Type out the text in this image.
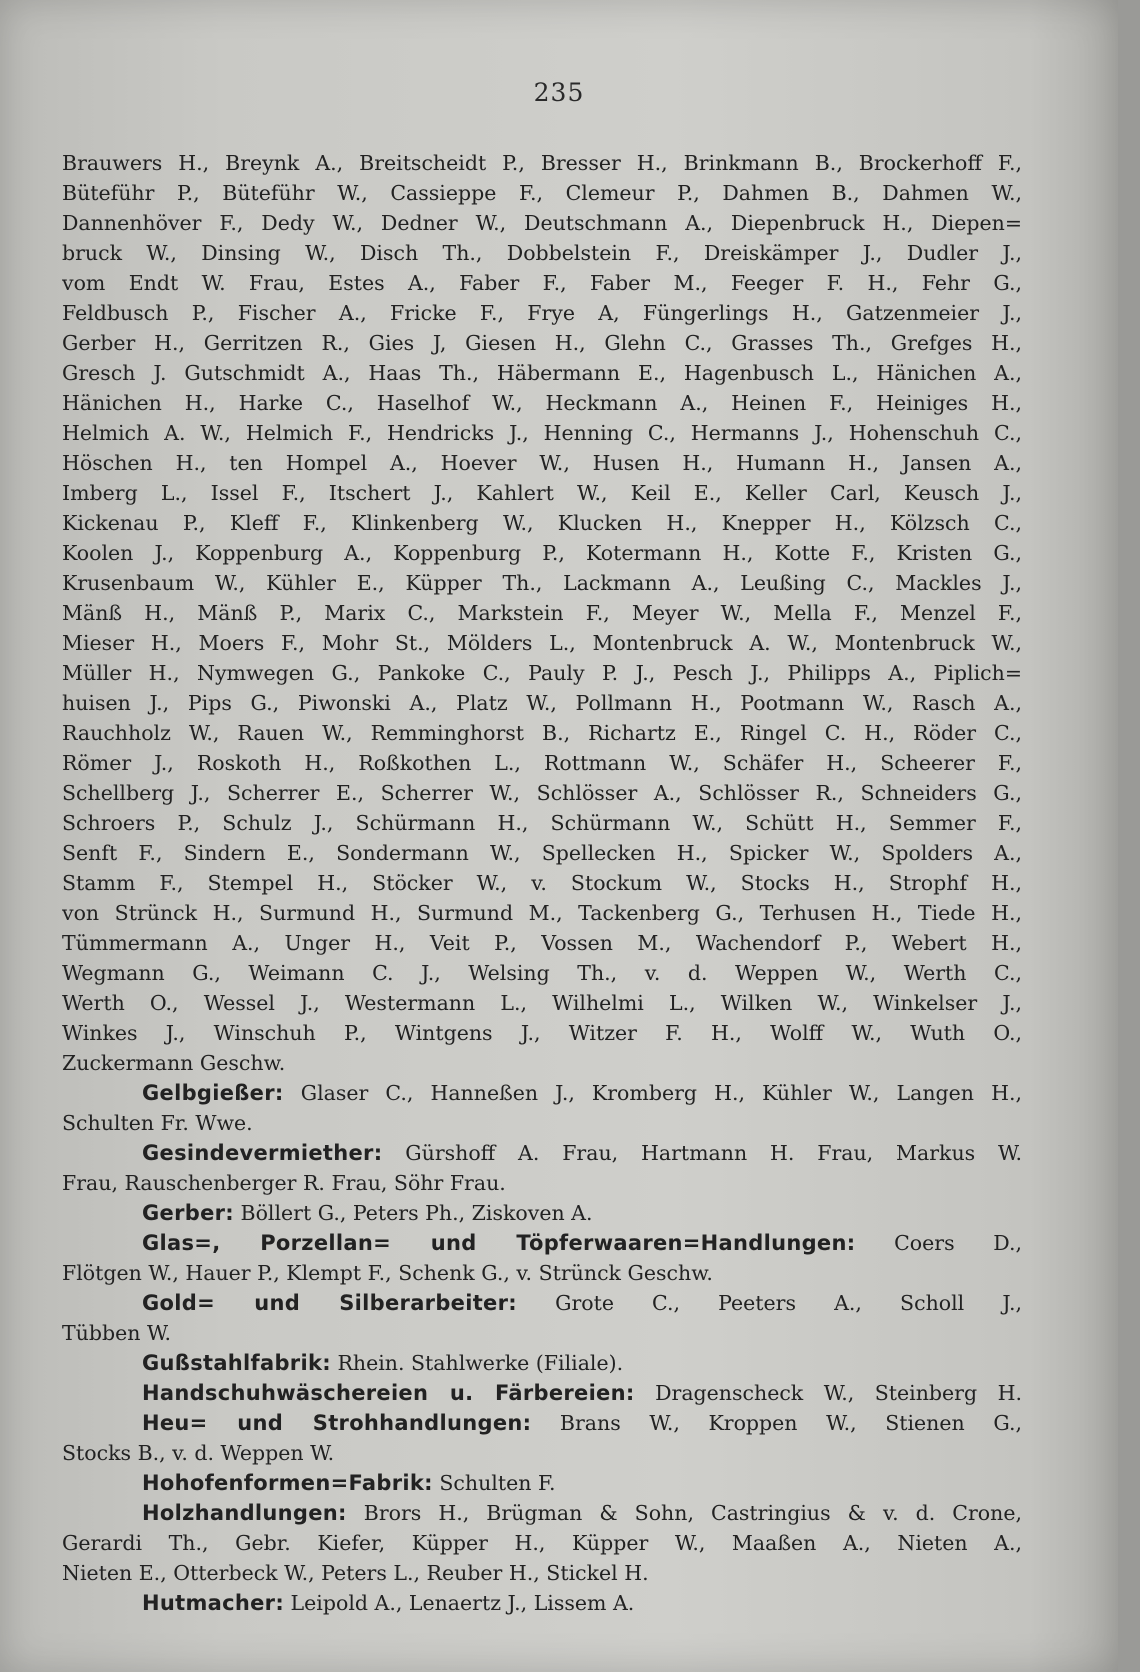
235
Brauwers H., Breynk A., Breitscheidt P., Bresser H., Brinkmann B., Brockerhoff F.,
Büteführ P., Büteführ W., Cassieppe F., Clemeur P., Dahmen B., Dahmen W.,
Dannenhöver F., Dedy W., Dedner W., Deutschmann A., Diepenbruck H., Diepen=
bruck W., Dinsing W., Disch Th., Dobbelstein F., Dreiskämper J., Dudler J.,
vom Endt W. Frau, Estes A., Faber F., Faber M., Feeger F. H., Fehr G.,
Feldbusch P., Fischer A., Fricke F., Frye A, Füngerlings H., Gatzenmeier J.,
Gerber H., Gerritzen R., Gies J, Giesen H., Glehn C., Grasses Th., Grefges H.,
Gresch J. Gutschmidt A., Haas Th., Häbermann E., Hagenbusch L., Hänichen A.,
Hänichen H., Harke C., Haselhof W., Heckmann A., Heinen F., Heiniges H.,
Helmich A. W., Helmich F., Hendricks J., Henning C., Hermanns J., Hohenschuh C.,
Höschen H., ten Hompel A., Hoever W., Husen H., Humann H., Jansen A.,
Imberg L., Issel F., Itschert J., Kahlert W., Keil E., Keller Carl, Keusch J.,
Kickenau P., Kleff F., Klinkenberg W., Klucken H., Knepper H., Kölzsch C.,
Koolen J., Koppenburg A., Koppenburg P., Kotermann H., Kotte F., Kristen G.,
Krusenbaum W., Kühler E., Küpper Th., Lackmann A., Leußing C., Mackles J.,
Mänß H., Mänß P., Marix C., Markstein F., Meyer W., Mella F., Menzel F.,
Mieser H., Moers F., Mohr St., Mölders L., Montenbruck A. W., Montenbruck W.,
Müller H., Nymwegen G., Pankoke C., Pauly P. J., Pesch J., Philipps A., Piplich=
huisen J., Pips G., Piwonski A., Platz W., Pollmann H., Pootmann W., Rasch A.,
Rauchholz W., Rauen W., Remminghorst B., Richartz E., Ringel C. H., Röder C.,
Römer J., Roskoth H., Roßkothen L., Rottmann W., Schäfer H., Scheerer F.,
Schellberg J., Scherrer E., Scherrer W., Schlösser A., Schlösser R., Schneiders G.,
Schroers P., Schulz J., Schürmann H., Schürmann W., Schütt H., Semmer F.,
Senft F., Sindern E., Sondermann W., Spellecken H., Spicker W., Spolders A.,
Stamm F., Stempel H., Stöcker W., v. Stockum W., Stocks H., Strophf H.,
von Strünck H., Surmund H., Surmund M., Tackenberg G., Terhusen H., Tiede H.,
Tümmermann A., Unger H., Veit P., Vossen M., Wachendorf P., Webert H.,
Wegmann G., Weimann C. J., Welsing Th., v. d. Weppen W., Werth C.,
Werth O., Wessel J., Westermann L., Wilhelmi L., Wilken W., Winkelser J.,
Winkes J., Winschuh P., Wintgens J., Witzer F. H., Wolff W., Wuth O.,
Zuckermann Geschw.
Gelbgießer: Glaser C., Hanneßen J., Kromberg H., Kühler W., Langen H.,
Schulten Fr. Wwe.
Gesindevermiether: Gürshoff A. Frau, Hartmann H. Frau, Markus W.
Frau, Rauschenberger R. Frau, Söhr Frau.
Gerber: Böllert G., Peters Ph., Ziskoven A.
Glas=, Porzellan= und Töpferwaaren=Handlungen: Coers D.,
Flötgen W., Hauer P., Klempt F., Schenk G., v. Strünck Geschw.
Gold= und Silberarbeiter: Grote C., Peeters A., Scholl J.,
Tübben W.
Gußstahlfabrik: Rhein. Stahlwerke (Filiale).
Handschuhwäschereien u. Färbereien: Dragenscheck W., Steinberg H.
Heu= und Strohhandlungen: Brans W., Kroppen W., Stienen G.,
Stocks B., v. d. Weppen W.
Hohofenformen=Fabrik: Schulten F.
Holzhandlungen: Brors H., Brügman & Sohn, Castringius & v. d. Crone,
Gerardi Th., Gebr. Kiefer, Küpper H., Küpper W., Maaßen A., Nieten A.,
Nieten E., Otterbeck W., Peters L., Reuber H., Stickel H.
Hutmacher: Leipold A., Lenaertz J., Lissem A.
